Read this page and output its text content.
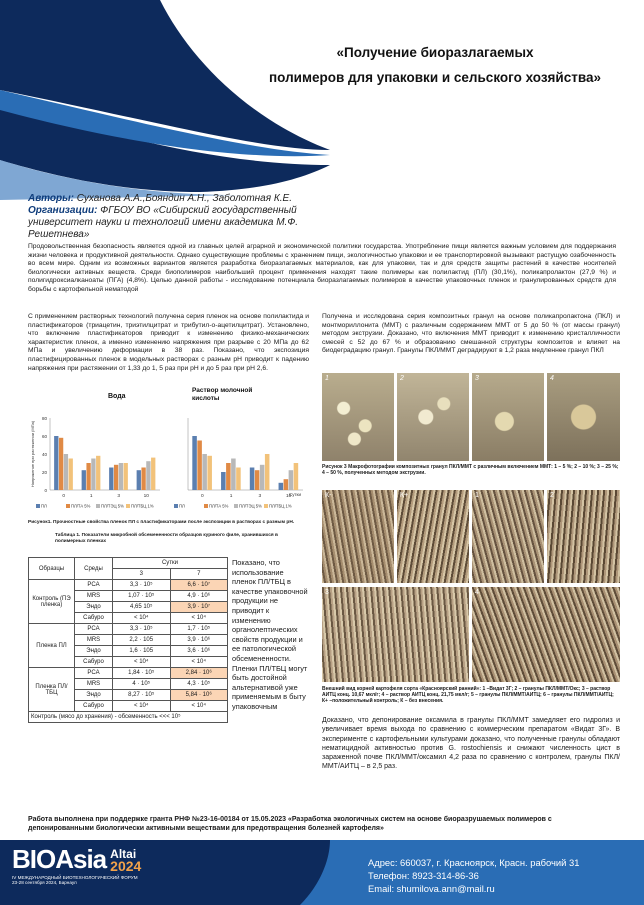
«Получение биоразлагаемых
полимеров для упаковки и сельского хозяйства»
Авторы: Суханова А.А.,Бояндин А.Н., Заболотная К.Е.
Организации: ФГБОУ ВО «Сибирский государственный университет науки и технологий имени академика М.Ф. Решетнева»
Продовольственная безопасность является одной из главных целей аграрной и экономической политики государства. Употребление пищи является важным условием для поддержания жизни человека и продуктивной деятельности. Однако существующие проблемы с хранением пищи, экологичностью упаковки и ее транспортировкой вызывают растущую озабоченность во всем мире. Одним из возможных вариантов является разработка биоразлагаемых материалов, как для упаковки, так и для средств защиты растений в качестве носителей биологически активных веществ. Среди биополимеров наибольший процент применения находят такие полимеры как полилактид (ПЛ) (30,1%), поликапролактон (27,9 %) и полигидроксиалканоаты (ПГА) (4,8%). Целью данной работы - исследование потенциала биоразлагаемых полимеров в качестве упаковочных пленок и гранулированных средств для борьбы с картофельной нематодой
С применением растворных технологий получена серия пленок на основе полилактида и пластификаторов (триацетин, триэтилцитрат и трибутил-о-ацетилцитрат). Установлено, что включение пластификаторов приводит к изменению физико-механических характеристик пленок, а именно изменению напряжения при разрыве с 20 МПа до 62 МПа и увеличению деформации в 38 раз. Показано, что экспозиция пластифицированных пленок в модельных растворах с разным pH приводит к падению напряжения при растяжении от 1,33 до 1, 5 раз при pH и до 5 раз при pH 2,6.
Получена и исследована серия композитных гранул на основе поликапролактона (ПКЛ) и монтмориллонита (ММТ) с различным содержанием ММТ от 5 до 50 % (от массы гранул) методом экструзии. Доказано, что включения ММТ приводит к изменению кристалличности смесей с 52 до 67 % и образованию смешанной структуры композитов и влияет на биодеградацию гранул. Гранулы ПКЛ/ММТ деградируют в 1,2 раза медленнее гранул ПКЛ
Вода
0
20
40
60
80
Напряжение при растяжении (МПа)
0	1	3	10
ПЛ	ПЛ/ТА 5%	ПЛ/ТЭЦ 5% ПЛ/ТБЦ 1%
Раствор молочной кислоты
0	1	3	10
Сутки
ПЛ	ПЛ/ТА 5%	ПЛ/ТЭЦ 5% ПЛ/ТБЦ 1%
Рисунок1. Прочностные свойства пленок ПЛ с пластификаторами после экспозиции в растворах с разным pH.
Таблица 1. Показатели микробной обсемененности образцов куриного филе, хранившихся в полимерных пленках
Образцы	Среды	Сутки	
		3	7
Контроль (ПЭ пленка)	PCA	3,3 · 10⁵	6,6 · 10⁷
	MRS	1,07 · 10⁵	4,9 · 10⁶
	Эндо	4,65 10⁵	3,9 · 10⁷
	Сабуро	< 10⁴	< 10⁴
Пленка ПЛ	PCA	3,3 · 10⁵	1,7 · 10⁵
	MRS	2,2 · 105	3,9 · 10⁶
	Эндо	1,6 · 105	3,6 · 10⁶
	Сабуро	< 10⁴	< 10⁴
Пленка ПЛ/ТБЦ	PCA	1,84 · 10⁵	2,84 · 10⁶
	MRS	4 · 10⁵	4,3 · 10⁵
	Эндо	8,27 · 10⁵	5,84 · 10⁶
	Сабуро	< 10⁴	< 10⁴
Контроль (мясо до хранения) - обсеменность <<< 10⁵			
Показано, что использование пленок ПЛ/ТБЦ в качестве упаковочной продукции не приводит к изменению органолептических свойств продукции и ее патологической обсемененности. Пленки ПЛ/ТБЦ могут быть достойной альтернативой уже применяемым в быту упаковочным
1	2	3	4
Рисунок 3 Макрофотографии композитных гранул ПКЛ/ММТ с различным включением ММТ: 1 – 5 %; 2 – 10 %; 3 – 25 %; 4 – 50 %, полученных методом экструзии.
К-	К+	1	2
3	4
Внешний вид корней картофеля сорта «Красноярский ранний»: 1 –Видат 3Г; 2 – гранулы ПКЛ/ММТ/Окс; 3 – раствор АИТЦ конц. 10,67 мкл/г; 4 – раствор АИТЦ конц. 21,75 мкл/г; 5 – гранулы ПКЛ/ММТ/АИТЦ; 6 – гранулы ПКЛ/ММТ/АИТЦ; К+ –положительный контроль; К – без внесения.
Доказано, что депонирование оксамила в гранулы ПКЛ/ММТ замедляет его гидролиз и увеличивает время выхода по сравнению с коммерческим препаратом «Видат 3Г». В эксперименте с картофельными культурами доказано, что полученные гранулы обладают нематицидной активностью против G. rostochiensis и снижают численность цист в зараженной почве ПКЛ/ММТ/оксамил 4,2 раза по сравнению с контролем, гранулы ПКЛ/ММТ/АИТЦ – в 2,5 раз.
Работа выполнена при поддержке гранта РНФ №23-16-00184 от 15.05.2023 «Разработка экологичных систем на основе биоразрушаемых полимеров с депонированными биологически активными веществами для предотвращения болезней картофеля»
BIOAsia Altai
2024
IV МЕЖДУНАРОДНЫЙ БИОТЕХНОЛОГИЧЕСКИЙ ФОРУМ
23-28 сентября 2024, Барнаул
Адрес: 660037, г. Красноярск, Красн. рабочий 31
Телефон: 8923-314-86-36
Email: shumilova.ann@mail.ru
